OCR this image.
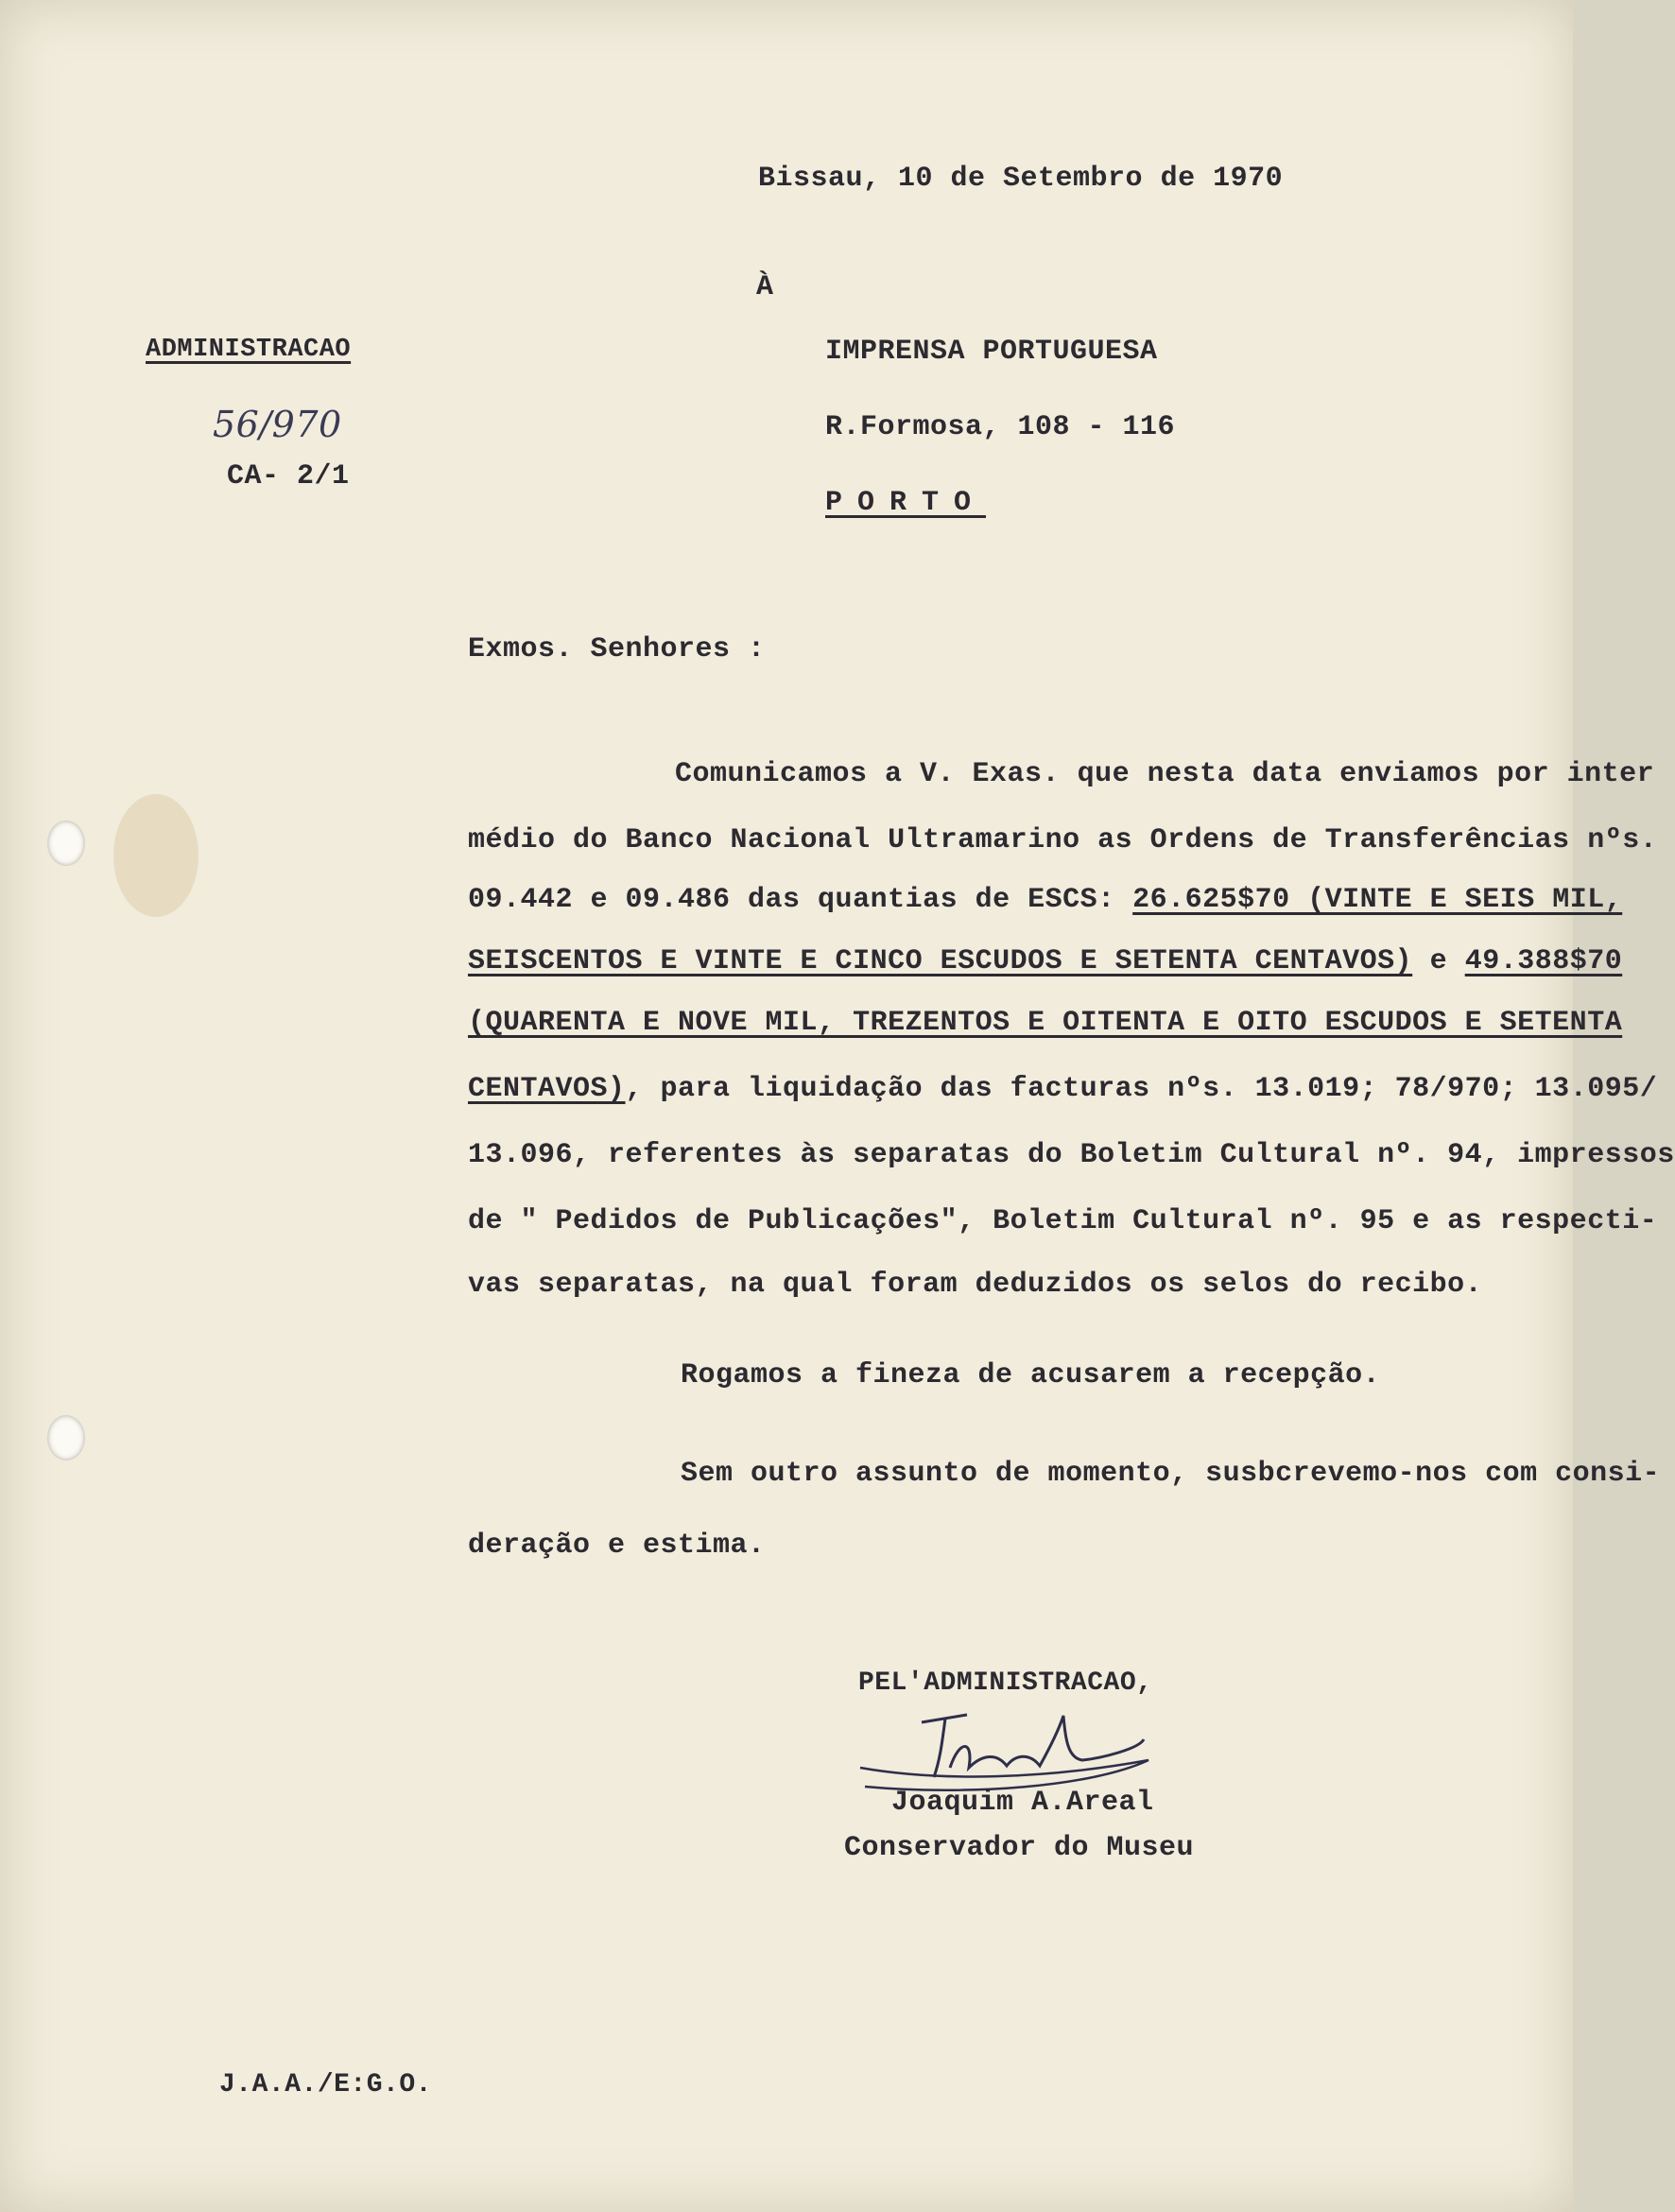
Bissau, 10 de Setembro de 1970
À
ADMINISTRACAO
56/970
CA- 2/1
IMPRENSA PORTUGUESA
R.Formosa, 108 - 116
PORTO
Exmos. Senhores :
Comunicamos a V. Exas. que nesta data enviamos por inter
médio do Banco Nacional Ultramarino as Ordens de Transferências nºs.
09.442 e 09.486 das quantias de ESCS: 26.625$70 (VINTE E SEIS MIL,
SEISCENTOS E VINTE E CINCO ESCUDOS E SETENTA CENTAVOS) e 49.388$70
(QUARENTA E NOVE MIL, TREZENTOS E OITENTA E OITO ESCUDOS E SETENTA
CENTAVOS), para liquidação das facturas nºs. 13.019; 78/970; 13.095/
13.096, referentes às separatas do Boletim Cultural nº. 94, impressos
de " Pedidos de Publicações", Boletim Cultural nº. 95 e as respecti-
vas separatas, na qual foram deduzidos os selos do recibo.
Rogamos a fineza de acusarem a recepção.
Sem outro assunto de momento, susbcrevemo-nos com consi-
deração e estima.
PEL'ADMINISTRACAO,
Joaquim A.Areal
Conservador do Museu
J.A.A./E:G.O.
